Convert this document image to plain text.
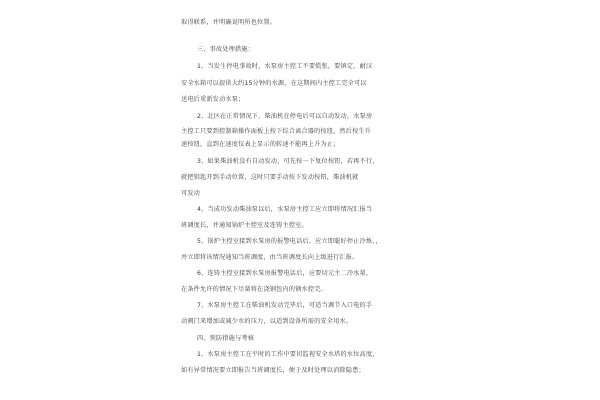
取得联系，并明确说明所也位置。
三、事故处理措施：
1、当发生停电事故时，水泵房主控工不要慌张，要镇定，耐汉
安全水箱可以提供大约15分钟的水源，在这期间内主控工完全可以
送电后重新发动水泵；
2、北区在正常情况下，柴油机在停电后可以自动发动，水泵房
主控工只要到控制箱操作面板上按下综合离合器的按纽，然后按生升
速按纽，直到在速度仪表上显示的转速不能再上升为止；
3、如果柴油机没有自动发动，可先按一下复位按钮，若再不行，
就把钥匙开到手动位置，这时只要手动按下发动按钮，柴油机就
可发动
4、当成功发动柴油泵以后，水泵房主控工应立即将情况汇报当
班调度长，并通知锅炉主控室及连铸主控室。
5、锅炉主控室接到水泵房的报警电话后，应立即聪好停止冷炼，，
并立即将该情况通知当班调度，由当班调度长向上级进行汇报。
6、连铸主控室接到水泵房报警电话后，应要切元主二冷水量，
在条件允许的情况下尽量将在浇钢包内的钢水控完。
7、水泵房主控工在柴油机发动完毕后，可适当调节入口电的手
动阀门来增加或减少水的压力，以适到设备所需的安全用水。
四、预防措施与考核
1、水泵房主控工在平时的工作中要切监视安全水塔的水位高度，
如有异常情况要立即报告当班调度长，便于及时处理以消除隐患；
